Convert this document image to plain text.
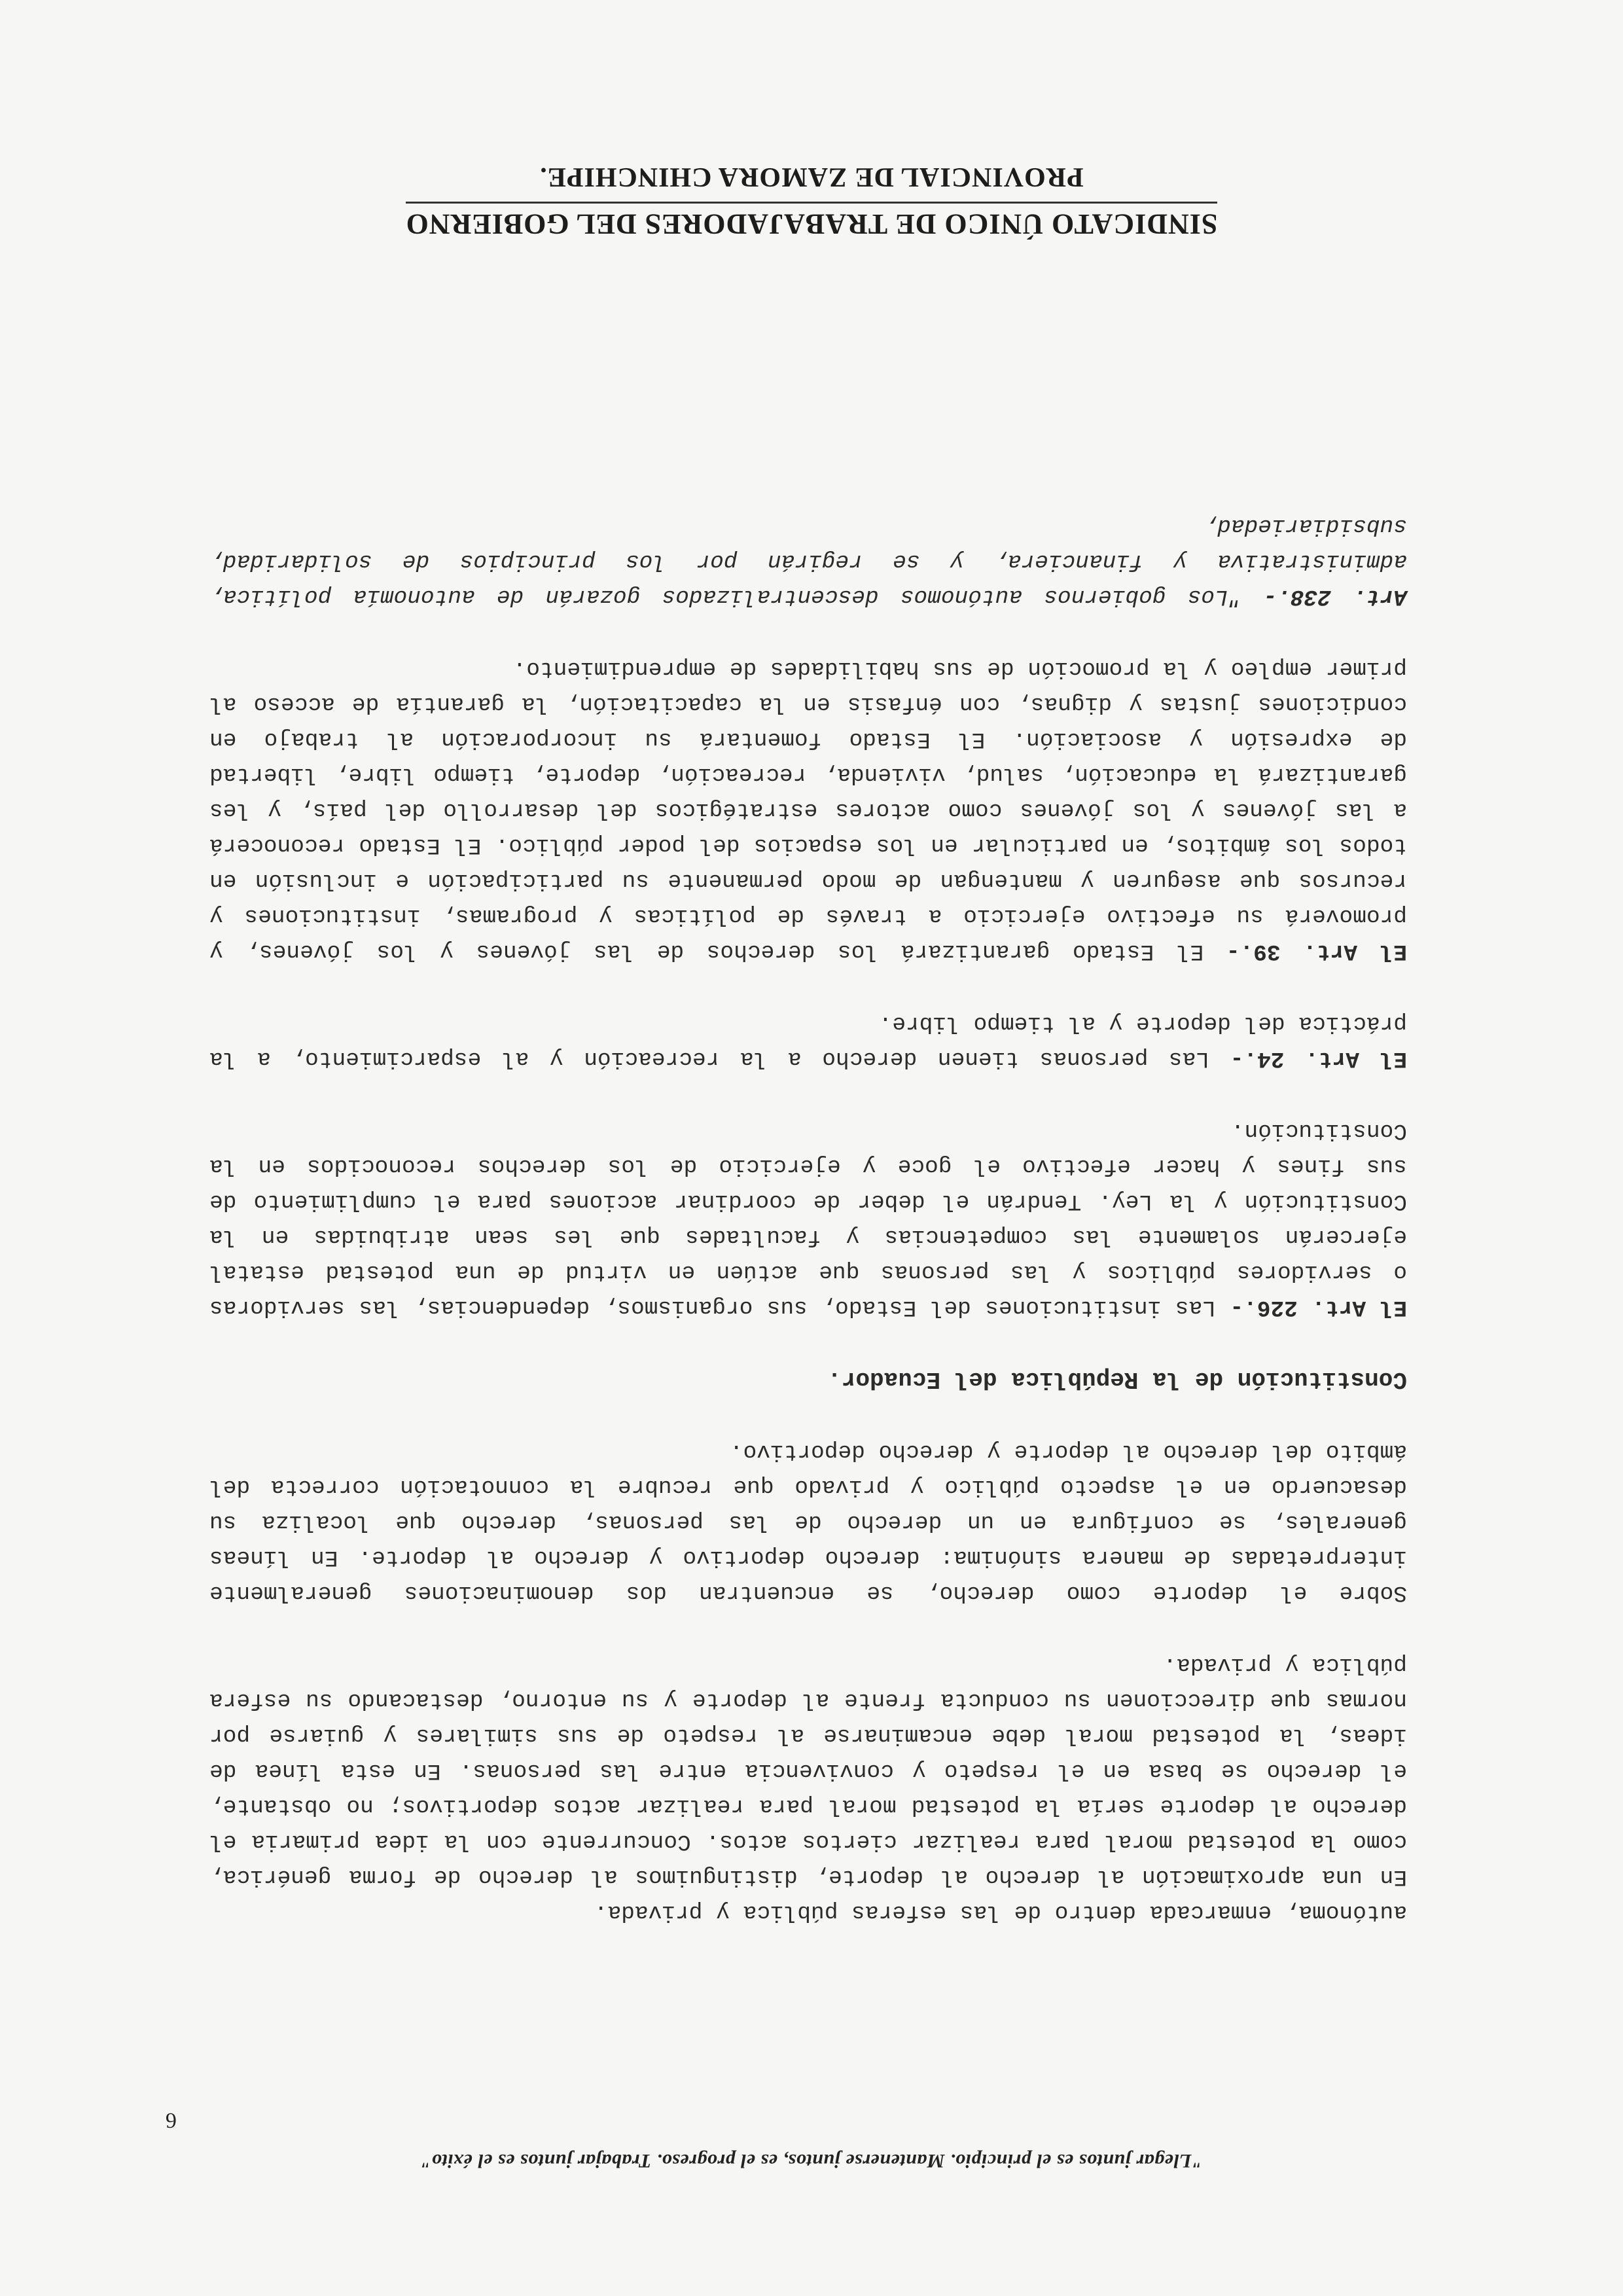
SINDICATO ÚNICO DE TRABAJADORES DEL GOBIERNO
PROVINCIAL DE ZAMORA CHINCHIPE.
"Llegar juntos es el principio. Mantenerse juntos, es el progreso. Trabajar juntos es el éxito"
6

autónoma, enmarcada dentro de las esferas pública y privada.

En una aproximación al derecho al deporte, distinguimos al derecho de forma genérica, como la potestad moral para realizar ciertos actos. Concurrente con la idea primaria el derecho al deporte sería la potestad moral para realizar actos deportivos; no obstante, el derecho se basa en el respeto y convivencia entre las personas. En esta línea de ideas, la potestad moral debe encaminarse al respeto de sus similares y guiarse por normas que direccionen su conducta frente al deporte y su entorno, destacando su esfera pública y privada.

Sobre el deporte como derecho, se encuentran dos denominaciones generalmente interpretadas de manera sinónima: derecho deportivo y derecho al deporte. En líneas generales, se configura en un derecho de las personas, derecho que localiza su desacuerdo en el aspecto público y privado que recubre la connotación correcta del ámbito del derecho al deporte y derecho deportivo.

Constitución de la República del Ecuador.

El Art. 226.- Las instituciones del Estado, sus organismos, dependencias, las servidoras o servidores públicos y las personas que actúen en virtud de una potestad estatal ejercerán solamente las competencias y facultades que les sean atribuidas en la Constitución y la Ley. Tendrán el deber de coordinar acciones para el cumplimiento de sus fines y hacer efectivo el goce y ejercicio de los derechos reconocidos en la Constitución.

El Art. 24.- Las personas tienen derecho a la recreación y al esparcimiento, a la práctica del deporte y al tiempo libre.

El Art. 39.- El Estado garantizará los derechos de las jóvenes y los jóvenes, y promoverá su efectivo ejercicio a través de políticas y programas, instituciones y recursos que aseguren y mantengan de modo permanente su participación e inclusión en todos los ámbitos, en particular en los espacios del poder público. El Estado reconocerá a las jóvenes y los jóvenes como actores estratégicos del desarrollo del país, y les garantizará la educación, salud, vivienda, recreación, deporte, tiempo libre, libertad de expresión y asociación. El Estado fomentará su incorporación al trabajo en condiciones justas y dignas, con énfasis en la capacitación, la garantía de acceso al primer empleo y la promoción de sus habilidades de emprendimiento.

Art. 238.- "Los gobiernos autónomos descentralizados gozarán de autonomía política, administrativa y financiera, y se regirán por los principios de solidaridad, subsidiariedad,
